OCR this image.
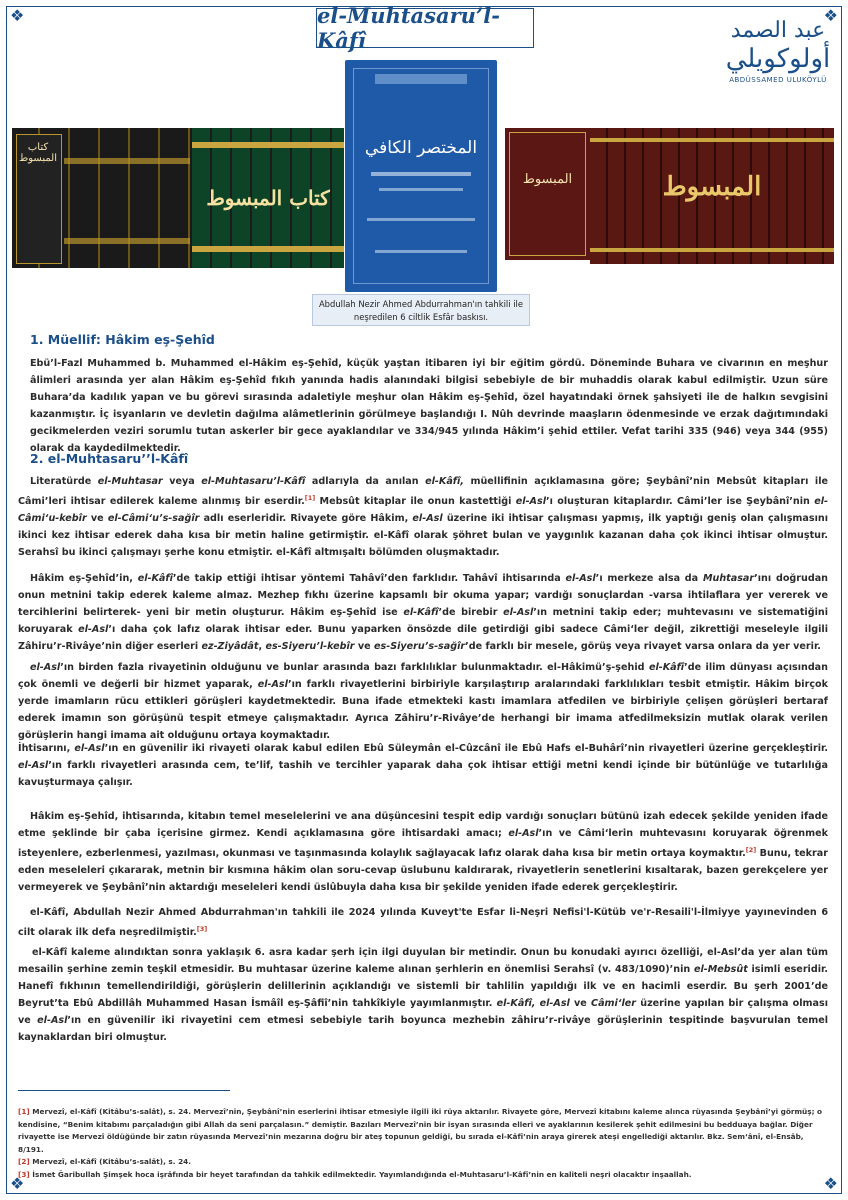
❖	❖
❖	❖
el-Muhtasaru’l-Kâfî	عبد الصمد
أولوكويلي
ABDÜSSAMED ULUKÖYLÜ
كتاب المبسوط
كتاب المبسوط
المختصر الكافي
المبسوط	المبسوط
Abdullah Nezir Ahmed Abdurrahman'ın tahkili ile neşredilen 6 ciltlik Esfâr baskısı.
1. Müellif: Hâkim eş-Şehîd
Ebü’l-Fazl Muhammed b. Muhammed el-Hâkim eş-Şehîd, küçük yaştan itibaren iyi bir eğitim gördü. Döneminde Buhara ve civarının en meşhur âlimleri arasında yer alan Hâkim eş-Şehîd fıkıh yanında hadis alanındaki bilgisi sebebiyle de bir muhaddis olarak kabul edilmiştir. Uzun süre Buhara’da kadılık yapan ve bu görevi sırasında adaletiyle meşhur olan Hâkim eş-Şehîd, özel hayatındaki örnek şahsiyeti ile de halkın sevgisini kazanmıştır. İç isyanların ve devletin dağılma alâmetlerinin görülmeye başlandığı I. Nûh devrinde maaşların ödenmesinde ve erzak dağıtımındaki gecikmelerden veziri sorumlu tutan askerler bir gece ayaklandılar ve 334/945 yılında Hâkim’i şehid ettiler. Vefat tarihi 335 (946) veya 344 (955) olarak da kaydedilmektedir.
2. el-Muhtasaru’’l-Kâfî
Literatürde el-Muhtasar veya el-Muhtasaru’l-Kâfî adlarıyla da anılan el-Kâfî, müellifinin açıklamasına göre; Şeybânî’nin Mebsût kitapları ile Câmi’leri ihtisar edilerek kaleme alınmış bir eserdir.[1] Mebsût kitaplar ile onun kastettiği el-Asl’ı oluşturan kitaplardır. Câmi’ler ise Şeybânî’nin el-Câmi‘u-kebîr ve el-Câmi‘u’s-sağîr adlı eserleridir. Rivayete göre Hâkim, el-Asl üzerine iki ihtisar çalışması yapmış, ilk yaptığı geniş olan çalışmasını ikinci kez ihtisar ederek daha kısa bir metin haline getirmiştir. el-Kâfî olarak şöhret bulan ve yaygınlık kazanan daha çok ikinci ihtisar olmuştur. Serahsî bu ikinci çalışmayı şerhe konu etmiştir. el-Kâfî altmışaltı bölümden oluşmaktadır.
Hâkim eş-Şehîd’in, el-Kâfî’de takip ettiği ihtisar yöntemi Tahâvî’den farklıdır. Tahâvî ihtisarında el-Asl’ı merkeze alsa da Muhtasar’ını doğrudan onun metnini takip ederek kaleme almaz. Mezhep fıkhı üzerine kapsamlı bir okuma yapar; vardığı sonuçlardan -varsa ihtilaflara yer vererek ve tercihlerini belirterek- yeni bir metin oluşturur. Hâkim eş-Şehîd ise el-Kâfî’de birebir el-Asl’ın metnini takip eder; muhtevasını ve sistematiğini koruyarak el-Asl’ı daha çok lafız olarak ihtisar eder. Bunu yaparken önsözde dile getirdiği gibi sadece Câmi‘ler değil, zikrettiği meseleyle ilgili Zâhiru’r-Rivâye’nin diğer eserleri ez-Ziyâdât, es-Siyeru’l-kebîr ve es-Siyeru’s-sağîr’de farklı bir mesele, görüş veya rivayet varsa onlara da yer verir.
el-Asl’ın birden fazla rivayetinin olduğunu ve bunlar arasında bazı farklılıklar bulunmaktadır. el-Hâkimü’ş-şehid el-Kâfî’de ilim dünyası açısından çok önemli ve değerli bir hizmet yaparak, el-Asl’ın farklı rivayetlerini birbiriyle karşılaştırıp aralarındaki farklılıkları tesbit etmiştir. Hâkim birçok yerde imamların rücu ettikleri görüşleri kaydetmektedir. Buna ifade etmekteki kastı imamlara atfedilen ve birbiriyle çelişen görüşleri bertaraf ederek imamın son görüşünü tespit etmeye çalışmaktadır. Ayrıca Zâhiru’r-Rivâye’de herhangi bir imama atfedilmeksizin mutlak olarak verilen görüşlerin hangi imama ait olduğunu ortaya koymaktadır.
İhtisarını, el-Asl’ın en güvenilir iki rivayeti olarak kabul edilen Ebû Süleymân el-Cûzcânî ile Ebû Hafs el-Buhârî’nin rivayetleri üzerine gerçekleştirir. el-Asl’ın farklı rivayetleri arasında cem, te’lif, tashih ve tercihler yaparak daha çok ihtisar ettiği metni kendi içinde bir bütünlüğe ve tutarlılığa kavuşturmaya çalışır.
Hâkim eş-Şehîd, ihtisarında, kitabın temel meselelerini ve ana düşüncesini tespit edip vardığı sonuçları bütünü izah edecek şekilde yeniden ifade etme şeklinde bir çaba içerisine girmez. Kendi açıklamasına göre ihtisardaki amacı; el-Asl’ın ve Câmi‘lerin muhtevasını koruyarak öğrenmek isteyenlere, ezberlenmesi, yazılması, okunması ve taşınmasında kolaylık sağlayacak lafız olarak daha kısa bir metin ortaya koymaktır.[2] Bunu, tekrar eden meseleleri çıkararak, metnin bir kısmına hâkim olan soru-cevap üslubunu kaldırarak, rivayetlerin senetlerini kısaltarak, bazen gerekçelere yer vermeyerek ve Şeybânî’nin aktardığı meseleleri kendi üslûbuyla daha kısa bir şekilde yeniden ifade ederek gerçekleştirir.
el-Kâfî, Abdullah Nezir Ahmed Abdurrahman'ın tahkili ile 2024 yılında Kuveyt'te Esfar li-Neşri Nefisi'l-Kütüb ve'r-Resaili'l-İlmiyye yayınevinden 6 cilt olarak ilk defa neşredilmiştir.[3]
el-Kâfî kaleme alındıktan sonra yaklaşık 6. asra kadar şerh için ilgi duyulan bir metindir. Onun bu konudaki ayırıcı özelliği, el-Asl’da yer alan tüm mesailin şerhine zemin teşkil etmesidir. Bu muhtasar üzerine kaleme alınan şerhlerin en önemlisi Serahsî (v. 483/1090)’nin el-Mebsût isimli eseridir. Hanefî fıkhının temellendirildiği, görüşlerin delillerinin açıklandığı ve sistemli bir tahlilin yapıldığı ilk ve en hacimli eserdir. Bu şerh 2001’de Beyrut’ta Ebû Abdillâh Muhammed Hasan İsmâîl eş-Şâfiî’nin tahkîkiyle yayımlanmıştır. el-Kâfî, el-Asl ve Câmi‘ler üzerine yapılan bir çalışma olması ve el-Asl’ın en güvenilir iki rivayetini cem etmesi sebebiyle tarih boyunca mezhebin zâhiru’r-rivâye görüşlerinin tespitinde başvurulan temel kaynaklardan biri olmuştur.
[1] Mervezî, el-Kâfî (Kitâbu’s-salât), s. 24. Mervezî’nin, Şeybânî’nin eserlerini ihtisar etmesiyle ilgili iki rüya aktarılır. Rivayete göre, Mervezî kitabını kaleme alınca rüyasında Şeybânî’yi görmüş; o kendisine, “Benim kitabımı parçaladığın gibi Allah da seni parçalasın.” demiştir. Bazıları Mervezî’nin bir isyan sırasında elleri ve ayaklarının kesilerek şehit edilmesini bu bedduaya bağlar. Diğer rivayette ise Mervezî öldüğünde bir zatın rüyasında Mervezî’nin mezarına doğru bir ateş topunun geldiği, bu sırada el-Kâfî’nin araya girerek ateşi engellediği aktarılır. Bkz. Sem‘ânî, el-Ensâb, 8/191.
[2] Mervezî, el-Kâfî (Kitâbu’s-salât), s. 24.
[3] İsmet Ğaribullah Şimşek hoca işrâfında bir heyet tarafından da tahkik edilmektedir. Yayımlandığında el-Muhtasaru’l-Kâfî’nin en kaliteli neşri olacaktır inşaallah.
